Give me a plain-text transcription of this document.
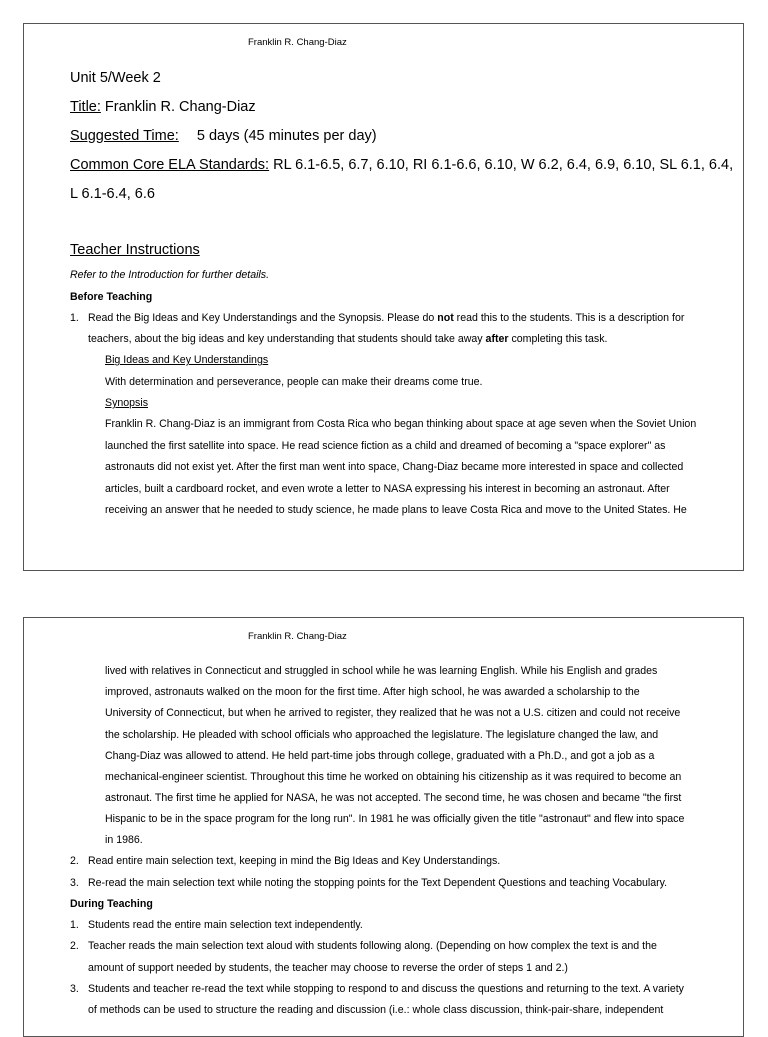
Franklin R. Chang-Diaz
Unit 5/Week 2
Title: Franklin R. Chang-Diaz
Suggested Time: 5 days (45 minutes per day)
Common Core ELA Standards: RL 6.1-6.5, 6.7, 6.10, RI 6.1-6.6, 6.10, W 6.2, 6.4, 6.9, 6.10, SL 6.1, 6.4,
L 6.1-6.4, 6.6
Teacher Instructions
Refer to the Introduction for further details.
Before Teaching
1. Read the Big Ideas and Key Understandings and the Synopsis. Please do not read this to the students. This is a description for
teachers, about the big ideas and key understanding that students should take away after completing this task.
Big Ideas and Key Understandings
With determination and perseverance, people can make their dreams come true.
Synopsis
Franklin R. Chang-Diaz is an immigrant from Costa Rica who began thinking about space at age seven when the Soviet Union
launched the first satellite into space. He read science fiction as a child and dreamed of becoming a "space explorer" as
astronauts did not exist yet. After the first man went into space, Chang-Diaz became more interested in space and collected
articles, built a cardboard rocket, and even wrote a letter to NASA expressing his interest in becoming an astronaut. After
receiving an answer that he needed to study science, he made plans to leave Costa Rica and move to the United States. He
Franklin R. Chang-Diaz
lived with relatives in Connecticut and struggled in school while he was learning English. While his English and grades
improved, astronauts walked on the moon for the first time. After high school, he was awarded a scholarship to the
University of Connecticut, but when he arrived to register, they realized that he was not a U.S. citizen and could not receive
the scholarship. He pleaded with school officials who approached the legislature. The legislature changed the law, and
Chang-Diaz was allowed to attend. He held part-time jobs through college, graduated with a Ph.D., and got a job as a
mechanical-engineer scientist. Throughout this time he worked on obtaining his citizenship as it was required to become an
astronaut. The first time he applied for NASA, he was not accepted. The second time, he was chosen and became "the first
Hispanic to be in the space program for the long run". In 1981 he was officially given the title "astronaut" and flew into space
in 1986.
2. Read entire main selection text, keeping in mind the Big Ideas and Key Understandings.
3. Re-read the main selection text while noting the stopping points for the Text Dependent Questions and teaching Vocabulary.
During Teaching
1. Students read the entire main selection text independently.
2. Teacher reads the main selection text aloud with students following along. (Depending on how complex the text is and the
amount of support needed by students, the teacher may choose to reverse the order of steps 1 and 2.)
3. Students and teacher re-read the text while stopping to respond to and discuss the questions and returning to the text. A variety
of methods can be used to structure the reading and discussion (i.e.: whole class discussion, think-pair-share, independent
